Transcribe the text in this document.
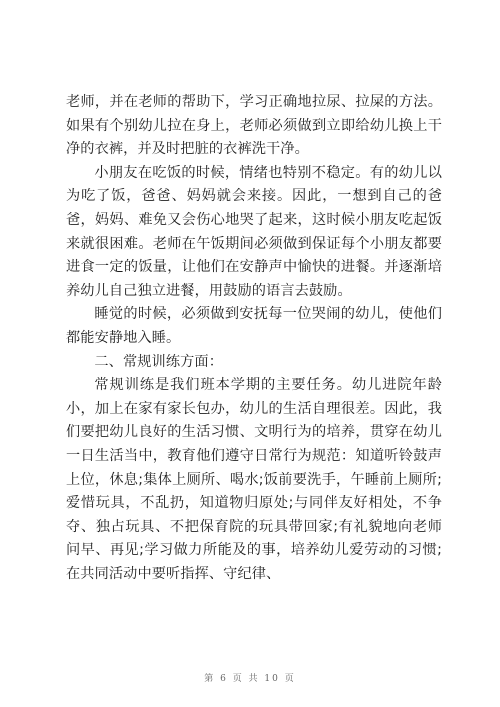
老师，并在老师的帮助下，学习正确地拉尿、拉屎的方法。如果有个别幼儿拉在身上，老师必须做到立即给幼儿换上干净的衣裤，并及时把脏的衣裤洗干净。

小朋友在吃饭的时候，情绪也特别不稳定。有的幼儿以为吃了饭，爸爸、妈妈就会来接。因此，一想到自己的爸爸，妈妈、难免又会伤心地哭了起来，这时候小朋友吃起饭来就很困难。老师在午饭期间必须做到保证每个小朋友都要进食一定的饭量，让他们在安静声中愉快的进餐。并逐渐培养幼儿自己独立进餐，用鼓励的语言去鼓励。

睡觉的时候，必须做到安抚每一位哭闹的幼儿，使他们都能安静地入睡。

二、常规训练方面：

常规训练是我们班本学期的主要任务。幼儿进院年龄小，加上在家有家长包办，幼儿的生活自理很差。因此，我们要把幼儿良好的生活习惯、文明行为的培养，贯穿在幼儿一日生活当中，教育他们遵守日常行为规范：知道听铃鼓声上位，休息;集体上厕所、喝水;饭前要洗手，午睡前上厕所;爱惜玩具，不乱扔，知道物归原处;与同伴友好相处，不争夺、独占玩具、不把保育院的玩具带回家;有礼貌地向老师问早、再见;学习做力所能及的事，培养幼儿爱劳动的习惯;在共同活动中要听指挥、守纪律、

第 6 页 共 10 页
